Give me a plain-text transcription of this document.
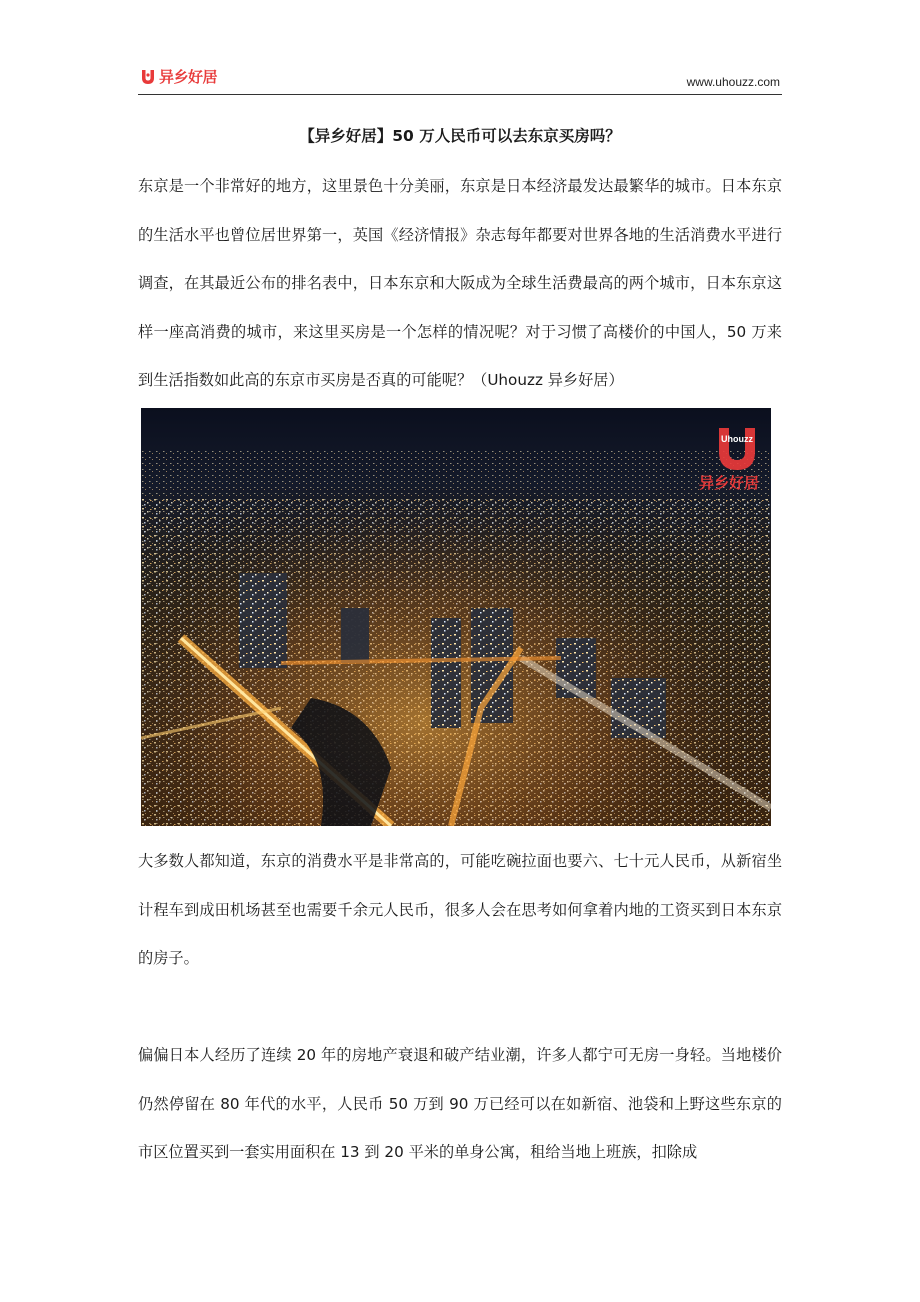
异乡好居	www.uhouzz.com
【异乡好居】50 万人民币可以去东京买房吗？

东京是一个非常好的地方，这里景色十分美丽，东京是日本经济最发达最繁华的城市。日本东京的生活水平也曾位居世界第一，英国《经济情报》杂志每年都要对世界各地的生活消费水平进行调查，在其最近公布的排名表中，日本东京和大阪成为全球生活费最高的两个城市，日本东京这样一座高消费的城市，来这里买房是一个怎样的情况呢？对于习惯了高楼价的中国人，50 万来到生活指数如此高的东京市买房是否真的可能呢？（Uhouzz 异乡好居）

Uhouzz
异乡好居

大多数人都知道，东京的消费水平是非常高的，可能吃碗拉面也要六、七十元人民币，从新宿坐计程车到成田机场甚至也需要千余元人民币，很多人会在思考如何拿着内地的工资买到日本东京的房子。

偏偏日本人经历了连续 20 年的房地产衰退和破产结业潮，许多人都宁可无房一身轻。当地楼价仍然停留在 80 年代的水平，人民币 50 万到 90 万已经可以在如新宿、池袋和上野这些东京的市区位置买到一套实用面积在 13 到 20 平米的单身公寓，租给当地上班族，扣除成
